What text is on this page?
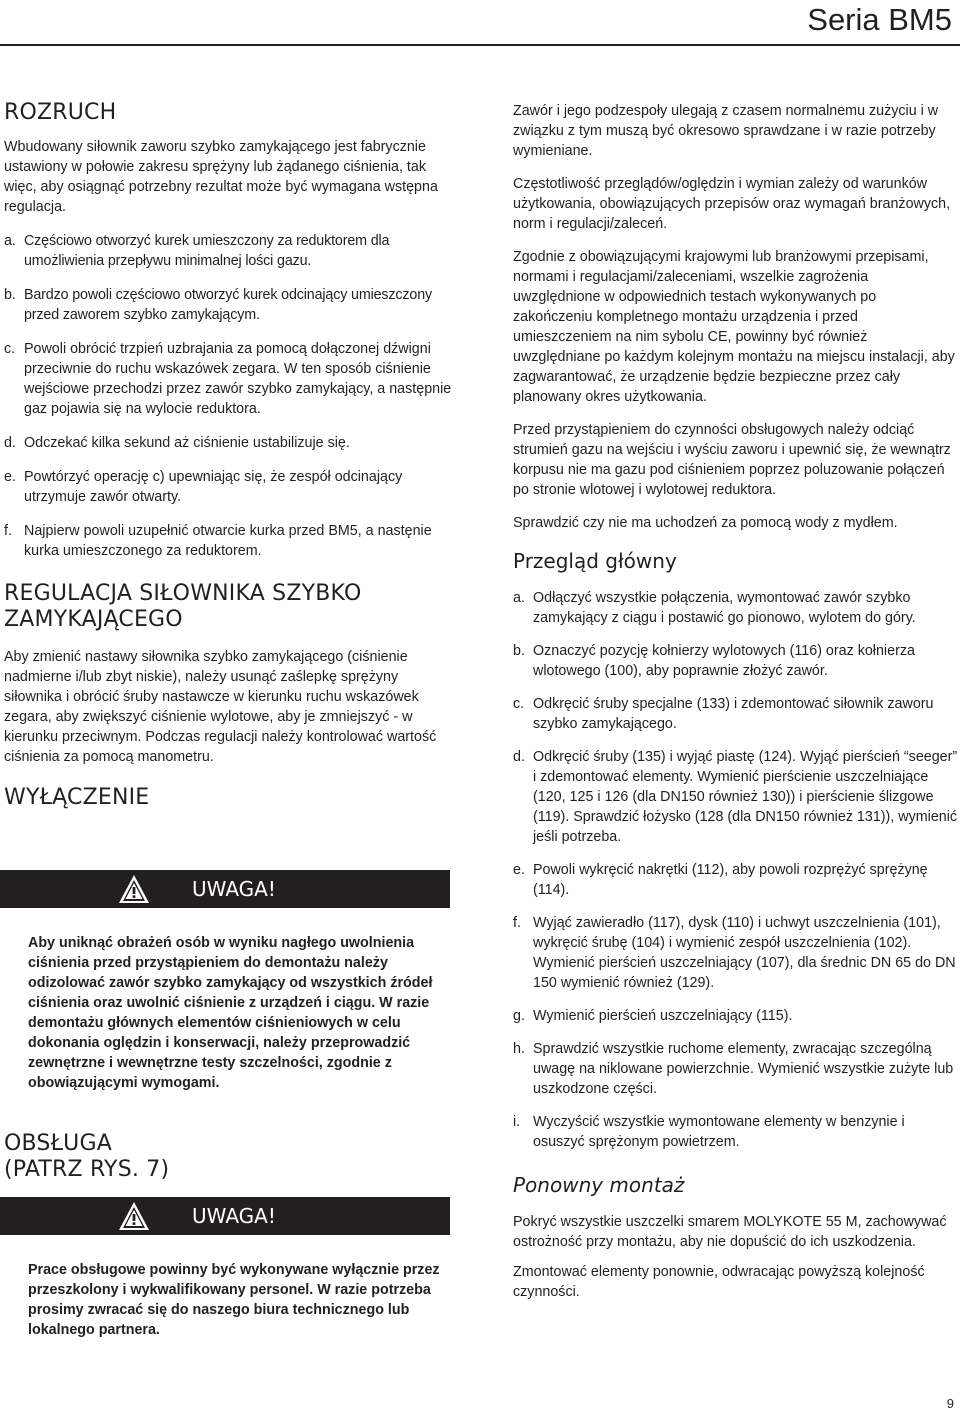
Seria BM5
ROZRUCH

Wbudowany siłownik zaworu szybko zamykającego jest fabrycznie ustawiony w połowie zakresu sprężyny lub żądanego ciśnienia, tak więc, aby osiągnąć potrzebny rezultat może być wymagana wstępna regulacja.

a. Częściowo otworzyć kurek umieszczony za reduktorem dla umożliwienia przepływu minimalnej lości gazu.
b. Bardzo powoli częściowo otworzyć kurek odcinający umieszczony przed zaworem szybko zamykającym.
c. Powoli obrócić trzpień uzbrajania za pomocą dołączonej dźwigni przeciwnie do ruchu wskazówek zegara. W ten sposób ciśnienie wejściowe przechodzi przez zawór szybko zamykający, a następnie gaz pojawia się na wylocie reduktora.
d. Odczekać kilka sekund aż ciśnienie ustabilizuje się.
e. Powtórzyć operację c) upewniając się, że zespół odcinający utrzymuje zawór otwarty.
f. Najpierw powoli uzupełnić otwarcie kurka przed BM5, a nastęnie kurka umieszczonego za reduktorem.
REGULACJA SIŁOWNIKA SZYBKO
ZAMYKAJĄCEGO

Aby zmienić nastawy siłownika szybko zamykającego (ciśnienie nadmierne i/lub zbyt niskie), należy usunąć zaślepkę sprężyny siłownika i obrócić śruby nastawcze w kierunku ruchu wskazówek zegara, aby zwiększyć ciśnienie wylotowe, aby je zmniejszyć - w kierunku przeciwnym. Podczas regulacji należy kontrolować wartość ciśnienia za pomocą manometru.

WYŁĄCZENIE
UWAGA!
Aby uniknąć obrażeń osób w wyniku nagłego uwolnienia ciśnienia przed przystąpieniem do demontażu należy odizolować zawór szybko zamykający od wszystkich źródeł ciśnienia oraz uwolnić ciśnienie z urządzeń i ciągu. W razie demontażu głównych elementów ciśnieniowych w celu dokonania oględzin i konserwacji, należy przeprowadzić zewnętrzne i wewnętrzne testy szczelności, zgodnie z obowiązującymi wymogami.
OBSŁUGA
(PATRZ RYS. 7)
UWAGA!
Prace obsługowe powinny być wykonywane wyłącznie przez przeszkolony i wykwalifikowany personel. W razie potrzeba prosimy zwracać się do naszego biura technicznego lub lokalnego partnera.

Zawór i jego podzespoły ulegają z czasem normalnemu zużyciu i w związku z tym muszą być okresowo sprawdzane i w razie potrzeby wymieniane.

Częstotliwość przeglądów/oględzin i wymian zależy od warunków użytkowania, obowiązujących przepisów oraz wymagań branżowych, norm i regulacji/zaleceń.

Zgodnie z obowiązującymi krajowymi lub branżowymi przepisami, normami i regulacjami/zaleceniami, wszelkie zagrożenia uwzględnione w odpowiednich testach wykonywanych po zakończeniu kompletnego montażu urządzenia i przed umieszczeniem na nim sybolu CE, powinny być również uwzględniane po każdym kolejnym montażu na miejscu instalacji, aby zagwarantować, że urządzenie będzie bezpieczne przez cały planowany okres użytkowania.

Przed przystąpieniem do czynności obsługowych należy odciąć strumień gazu na wejściu i wyściu zaworu i upewnić się, że wewnątrz korpusu nie ma gazu pod ciśnieniem poprzez poluzowanie połączeń po stronie wlotowej i wylotowej reduktora.

Sprawdzić czy nie ma uchodzeń za pomocą wody z mydłem.

Przegląd główny
a. Odłączyć wszystkie połączenia, wymontować zawór szybko zamykający z ciągu i postawić go pionowo, wylotem do góry.
b. Oznaczyć pozycję kołnierzy wylotowych (116) oraz kołnierza wlotowego (100), aby poprawnie złożyć zawór.
c. Odkręcić śruby specjalne (133) i zdemontować siłownik zaworu szybko zamykającego.
d. Odkręcić śruby (135) i wyjąć piastę (124). Wyjąć pierścień “seeger” i zdemontować elementy. Wymienić pierścienie uszczelniające (120, 125 i 126 (dla DN150 również 130)) i pierścienie ślizgowe (119). Sprawdzić łożysko (128 (dla DN150 również 131)), wymienić jeśli potrzeba.
e. Powoli wykręcić nakrętki (112), aby powoli rozprężyć sprężynę (114).
f. Wyjąć zawieradło (117), dysk (110) i uchwyt uszczelnienia (101), wykręcić śrubę (104) i wymienić zespół uszczelnienia (102). Wymienić pierścień uszczelniający (107), dla średnic DN 65 do DN 150 wymienić również (129).
g. Wymienić pierścień uszczelniający (115).
h. Sprawdzić wszystkie ruchome elementy, zwracając szczególną uwagę na niklowane powierzchnie. Wymienić wszystkie zużyte lub uszkodzone części.
i. Wyczyścić wszystkie wymontowane elementy w benzynie i osuszyć sprężonym powietrzem.
Ponowny montaż

Pokryć wszystkie uszczelki smarem MOLYKOTE 55 M, zachowywać ostrożność przy montażu, aby nie dopuścić do ich uszkodzenia.

Zmontować elementy ponownie, odwracając powyższą kolejność czynności.

9
